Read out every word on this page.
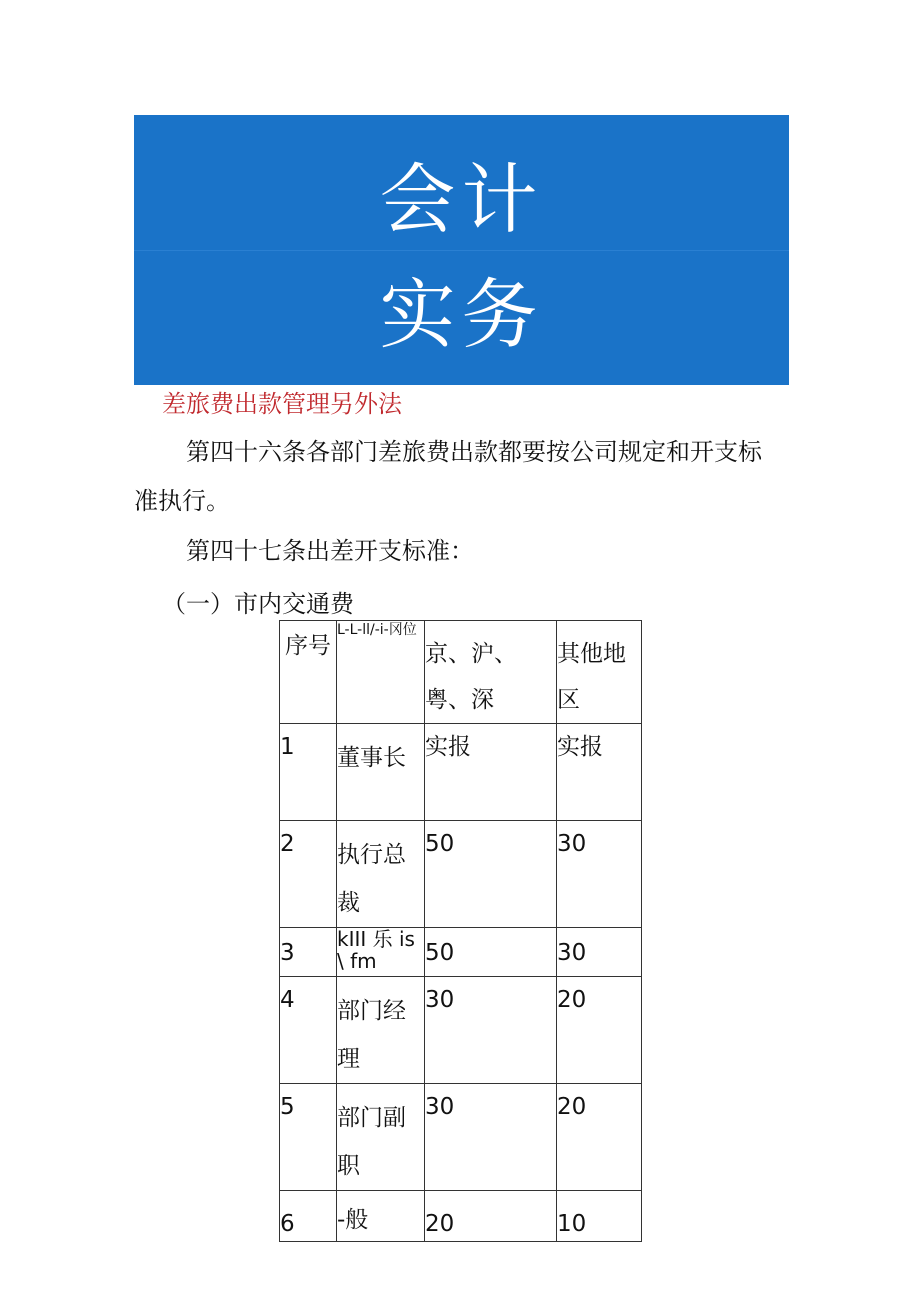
会计
实务
差旅费出款管理另外法
第四十六条各部门差旅费出款都要按公司规定和开支标
准执行。
第四十七条出差开支标准：
（一）市内交通费
序号	L-L-ll/-i-冈位	京、沪、粤、深	其他地区

1	董事长	实报	实报

2	执行总裁	50	30

3	kIII 乐 is \ fm	50	30

4	部门经理	30	20

5	部门副职	30	20

6	-般	20	10
